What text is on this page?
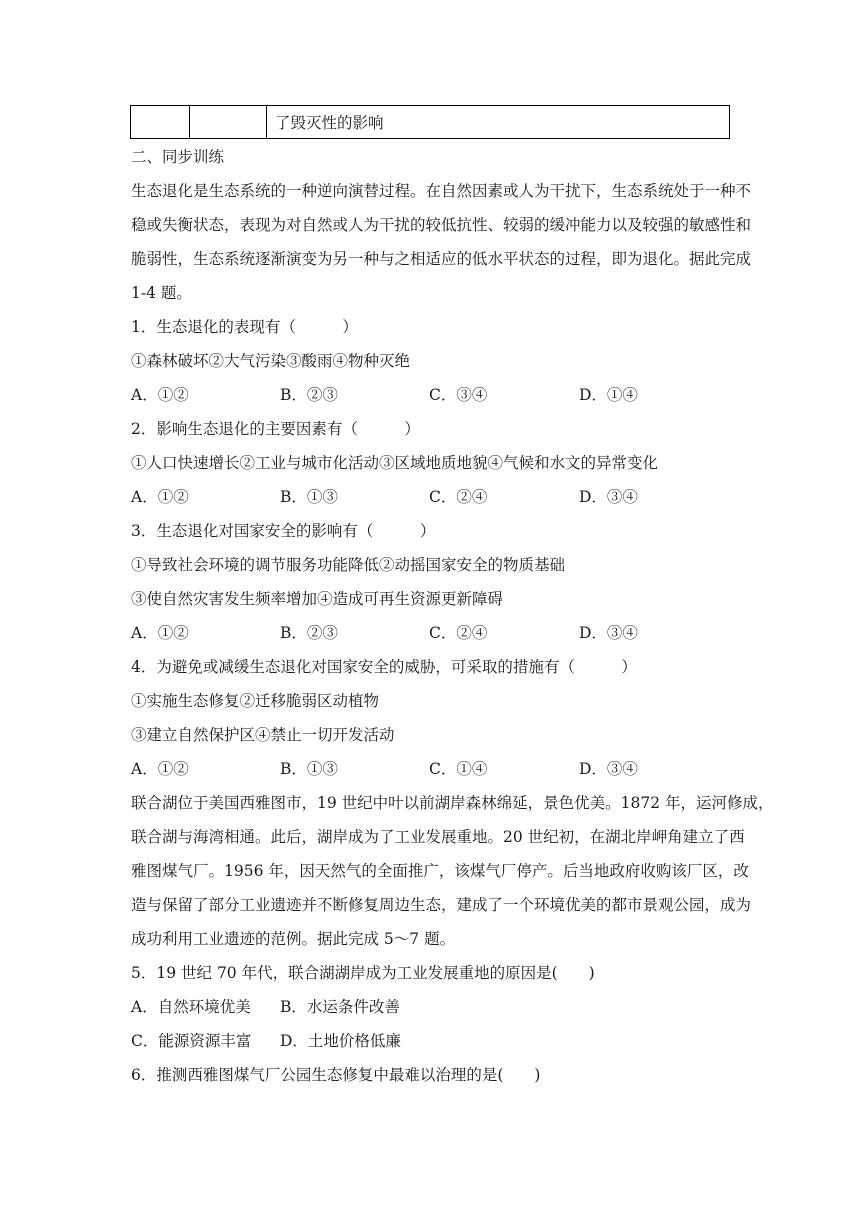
		了毁灭性的影响
二、同步训练
生态退化是生态系统的一种逆向演替过程。在自然因素或人为干扰下，生态系统处于一种不
稳或失衡状态，表现为对自然或人为干扰的较低抗性、较弱的缓冲能力以及较强的敏感性和
脆弱性，生态系统逐渐演变为另一种与之相适应的低水平状态的过程，即为退化。据此完成
1-4 题。
1．生态退化的表现有（　　　）
①森林破坏②大气污染③酸雨④物种灭绝
A．①②	B．②③	C．③④	D．①④
2．影响生态退化的主要因素有（　　　）
①人口快速增长②工业与城市化活动③区域地质地貌④气候和水文的异常变化
A．①②	B．①③	C．②④	D．③④
3．生态退化对国家安全的影响有（　　　）
①导致社会环境的调节服务功能降低②动摇国家安全的物质基础
③使自然灾害发生频率增加④造成可再生资源更新障碍
A．①②	B．②③	C．②④	D．③④
4．为避免或减缓生态退化对国家安全的威胁，可采取的措施有（　　　）
①实施生态修复②迁移脆弱区动植物
③建立自然保护区④禁止一切开发活动
A．①②	B．①③	C．①④	D．③④
联合湖位于美国西雅图市，19 世纪中叶以前湖岸森林绵延，景色优美。1872 年，运河修成，
联合湖与海湾相通。此后，湖岸成为了工业发展重地。20 世纪初，在湖北岸岬角建立了西
雅图煤气厂。1956 年，因天然气的全面推广，该煤气厂停产。后当地政府收购该厂区，改
造与保留了部分工业遗迹并不断修复周边生态，建成了一个环境优美的都市景观公园，成为
成功利用工业遗迹的范例。据此完成 5～7 题。
5．19 世纪 70 年代，联合湖湖岸成为工业发展重地的原因是(　　)
A．自然环境优美 B．水运条件改善
C．能源资源丰富 D．土地价格低廉
6．推测西雅图煤气厂公园生态修复中最难以治理的是(　　)
